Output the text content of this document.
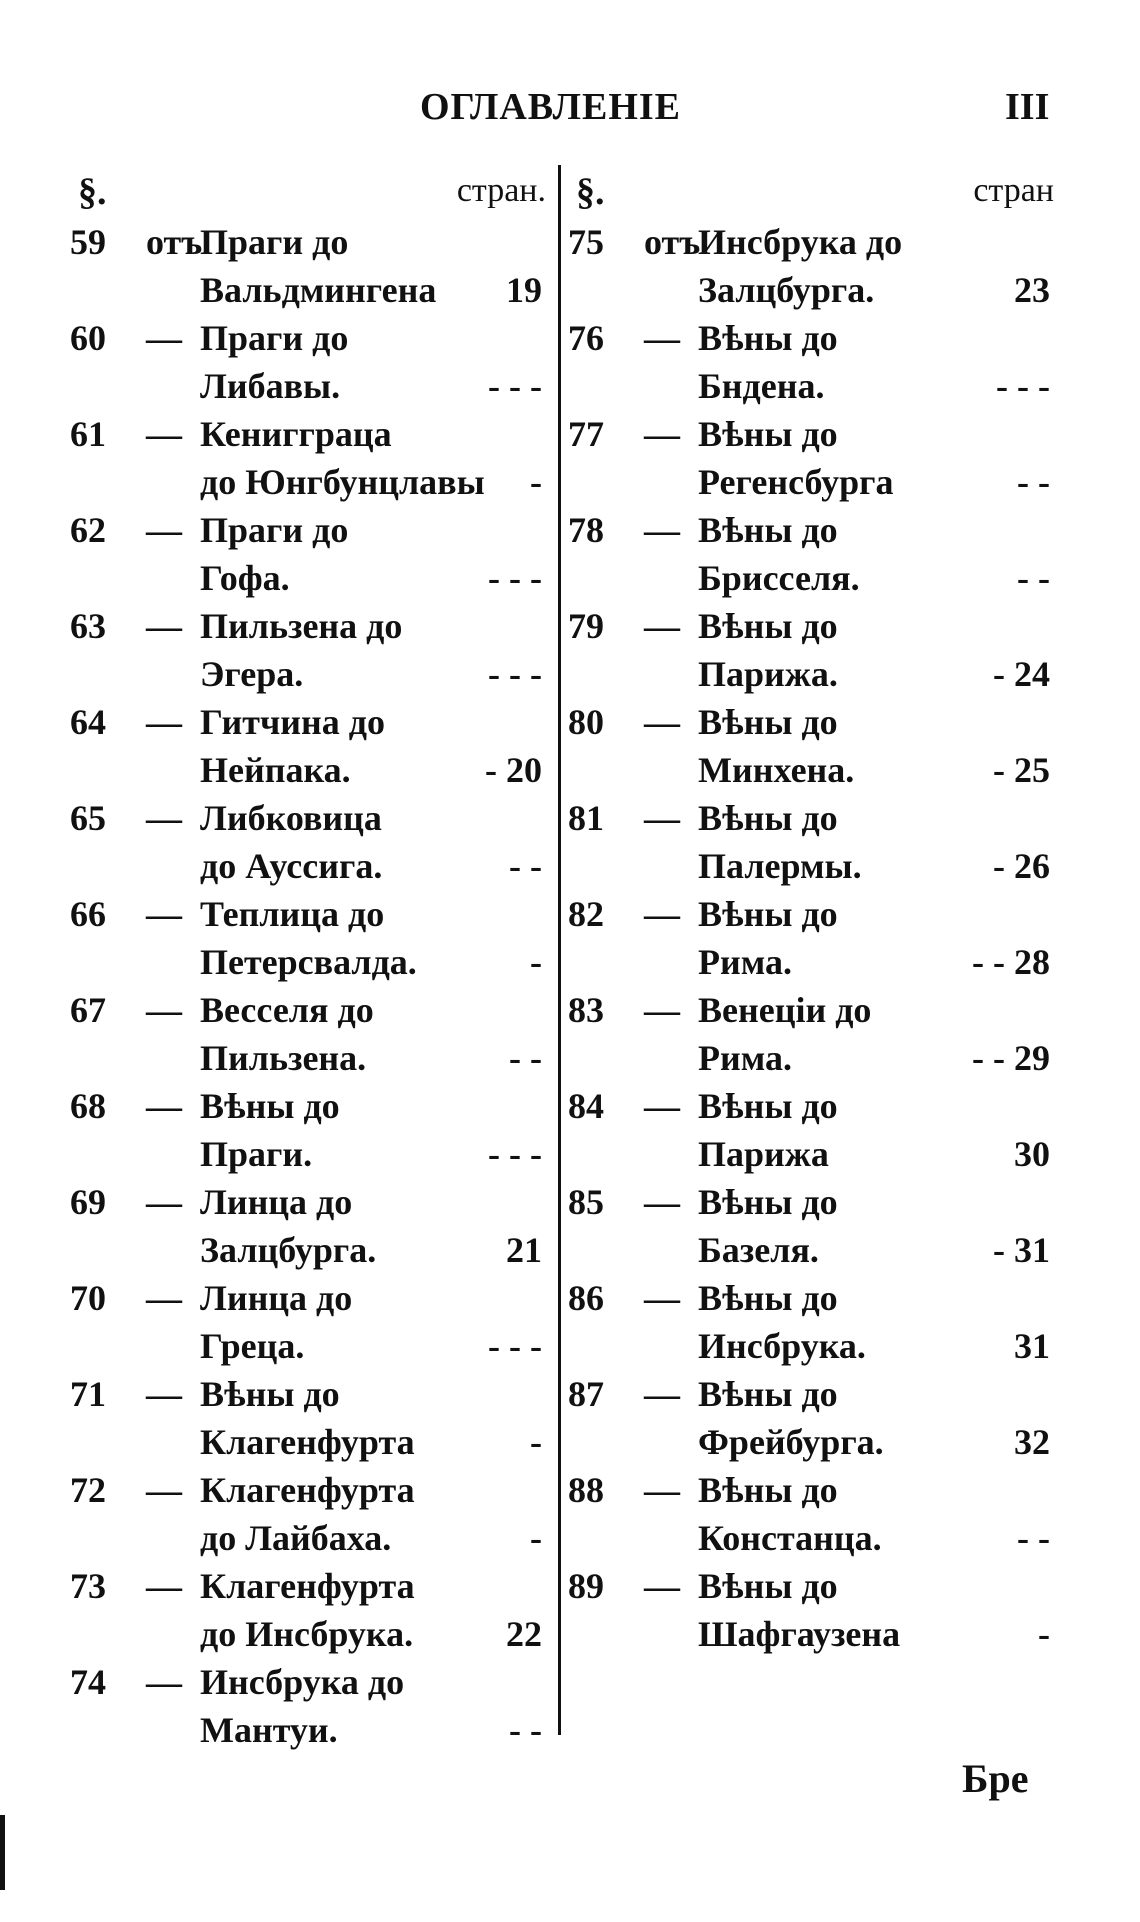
ОГЛАВЛЕНІЕ	III
§.	стран.
59	отъ
Праги до
Вальдмингена 19
60	— Праги до
Либавы.	- - -
61	— Кенигграца
до Юнгбунцлавы -
62	— Праги до
Гофа.	- - -
63	— Пильзена до
Эгера.	- - -
64	— Гитчина до
Нейпака.	- 20
65	— Либковица
до Ауссига.	- -
66	— Теплица до
Петерсвалда.	-
67	— Весселя до
Пильзена.	- -
68	— Вѣны до
Праги.	- - -
69	— Линца до
Залцбурга.	21
70	— Линца до
Греца.	- - -
71	— Вѣны до
Клагенфурта	-
72	— Клагенфурта
до Лайбаха.	-
73	— Клагенфурта
до Инсбрука.	22
74	— Инсбрука до
Мантуи.	- -
§.	стран
75	отъ
Инсбрука до
Залцбурга.	23
76	— Вѣны до
Бндена.	- - -
77	— Вѣны до
Регенсбурга	- -
78	— Вѣны до
Брисселя.	- -
79	— Вѣны до
Парижа.	- 24
80	— Вѣны до
Минхена.	- 25
81	— Вѣны до
Палермы.	- 26
82	— Вѣны до
Рима.	- - 28
83	— Венеціи до
Рима.	- - 29
84	— Вѣны до
Парижа	30
85	— Вѣны до
Базеля.	- 31
86	— Вѣны до
Инсбрука.	31
87	— Вѣны до
Фрейбурга.	32
88	— Вѣны до
Констанца.	- -
89	— Вѣны до
Шафгаузена	-
Бре
